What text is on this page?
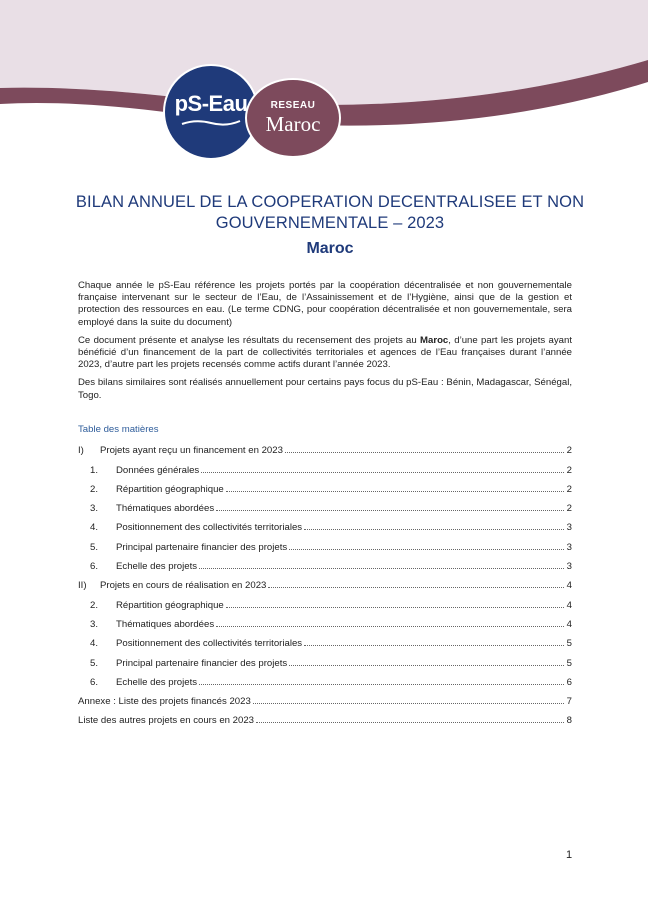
pS-Eau RESEAU
Maroc
BILAN ANNUEL DE LA COOPERATION DECENTRALISEE ET NON
GOUVERNEMENTALE – 2023
Maroc

Chaque année le pS-Eau référence les projets portés par la coopération décentralisée et non gouvernementale française intervenant sur le secteur de l’Eau, de l’Assainissement et de l’Hygiène, ainsi que de la gestion et protection des ressources en eau. (Le terme CDNG, pour coopération décentralisée et non gouvernementale, sera employé dans la suite du document)

Ce document présente et analyse les résultats du recensement des projets au Maroc, d’une part les projets ayant bénéficié d’un financement de la part de collectivités territoriales et agences de l’Eau françaises durant l’année 2023, d’autre part les projets recensés comme actifs durant l’année 2023.

Des bilans similaires sont réalisés annuellement pour certains pays focus du pS-Eau : Bénin, Madagascar, Sénégal, Togo.

Table des matières
I)	Projets ayant reçu un financement en 2023	2
1.	Données générales	2
2.	Répartition géographique	2
3.	Thématiques abordées	2
4.	Positionnement des collectivités territoriales	3
5.	Principal partenaire financier des projets	3
6.	Echelle des projets	3
II)	Projets en cours de réalisation en 2023	4
2.	Répartition géographique	4
3.	Thématiques abordées	4
4.	Positionnement des collectivités territoriales	5
5.	Principal partenaire financier des projets	5
6.	Echelle des projets	6
Annexe : Liste des projets financés 2023	7
Liste des autres projets en cours en 2023	8
1
